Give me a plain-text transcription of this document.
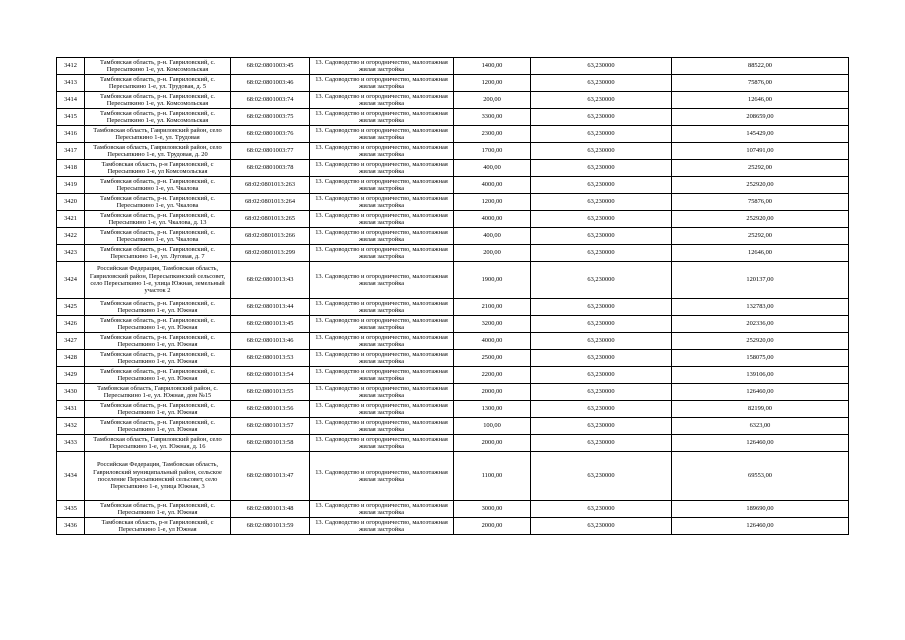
3412	Тамбовская область, р-н. Гавриловский, с. Пересыпкино 1-е, ул. Комсомольская	68:02:0801003:45	13. Садоводство и огородничество, малоэтажная жилая застройка	1400,00	63,230000	88522,00
3413	Тамбовская область, р-н. Гавриловский, с. Пересыпкино 1-е, ул. Трудовая, д. 5	68:02:0801003:46	13. Садоводство и огородничество, малоэтажная жилая застройка	1200,00	63,230000	75876,00
3414	Тамбовская область, р-н. Гавриловский, с. Пересыпкино 1-е, ул. Комсомольская	68:02:0801003:74	13. Садоводство и огородничество, малоэтажная жилая застройка	200,00	63,230000	12646,00
3415	Тамбовская область, р-н. Гавриловский, с. Пересыпкино 1-е, ул. Комсомольская	68:02:0801003:75	13. Садоводство и огородничество, малоэтажная жилая застройка	3300,00	63,230000	208659,00
3416	Тамбовская область, Гавриловский район, село Пересыпкино 1-е, ул. Трудовая	68:02:0801003:76	13. Садоводство и огородничество, малоэтажная жилая застройка	2300,00	63,230000	145429,00
3417	Тамбовская область, Гавриловский район, село Пересыпкино 1-е, ул. Трудовая, д. 20	68:02:0801003:77	13. Садоводство и огородничество, малоэтажная жилая застройка	1700,00	63,230000	107491,00
3418	Тамбовская область, р-н Гавриловский, с Пересыпкино 1-е, ул Комсомольская	68:02:0801003:78	13. Садоводство и огородничество, малоэтажная жилая застройка	400,00	63,230000	25292,00
3419	Тамбовская область, р-н. Гавриловский, с. Пересыпкино 1-е, ул. Чкалова	68:02:0801013:263	13. Садоводство и огородничество, малоэтажная жилая застройка	4000,00	63,230000	252920,00
3420	Тамбовская область, р-н. Гавриловский, с. Пересыпкино 1-е, ул. Чкалова	68:02:0801013:264	13. Садоводство и огородничество, малоэтажная жилая застройка	1200,00	63,230000	75876,00
3421	Тамбовская область, р-н. Гавриловский, с. Пересыпкино 1-е, ул. Чкалова, д. 13	68:02:0801013:265	13. Садоводство и огородничество, малоэтажная жилая застройка	4000,00	63,230000	252920,00
3422	Тамбовская область, р-н. Гавриловский, с. Пересыпкино 1-е, ул. Чкалова	68:02:0801013:266	13. Садоводство и огородничество, малоэтажная жилая застройка	400,00	63,230000	25292,00
3423	Тамбовская область, р-н. Гавриловский, с. Пересыпкино 1-е, ул. Луговая, д. 7	68:02:0801013:299	13. Садоводство и огородничество, малоэтажная жилая застройка	200,00	63,230000	12646,00
3424	Российская Федерация, Тамбовская область, Гавриловский район, Пересыпкинский сельсовет, село Пересыпкино 1-е, улица Южная, земельный участок 2	68:02:0801013:43	13. Садоводство и огородничество, малоэтажная жилая застройка	1900,00	63,230000	120137,00
3425	Тамбовская область, р-н. Гавриловский, с. Пересыпкино 1-е, ул. Южная	68:02:0801013:44	13. Садоводство и огородничество, малоэтажная жилая застройка	2100,00	63,230000	132783,00
3426	Тамбовская область, р-н. Гавриловский, с. Пересыпкино 1-е, ул. Южная	68:02:0801013:45	13. Садоводство и огородничество, малоэтажная жилая застройка	3200,00	63,230000	202336,00
3427	Тамбовская область, р-н. Гавриловский, с. Пересыпкино 1-е, ул. Южная	68:02:0801013:46	13. Садоводство и огородничество, малоэтажная жилая застройка	4000,00	63,230000	252920,00
3428	Тамбовская область, р-н. Гавриловский, с. Пересыпкино 1-е, ул. Южная	68:02:0801013:53	13. Садоводство и огородничество, малоэтажная жилая застройка	2500,00	63,230000	158075,00
3429	Тамбовская область, р-н. Гавриловский, с. Пересыпкино 1-е, ул. Южная	68:02:0801013:54	13. Садоводство и огородничество, малоэтажная жилая застройка	2200,00	63,230000	139106,00
3430	Тамбовская область, Гавриловский район, с. Пересыпкино 1-е, ул. Южная, дом №15	68:02:0801013:55	13. Садоводство и огородничество, малоэтажная жилая застройка	2000,00	63,230000	126460,00
3431	Тамбовская область, р-н. Гавриловский, с. Пересыпкино 1-е, ул. Южная	68:02:0801013:56	13. Садоводство и огородничество, малоэтажная жилая застройка	1300,00	63,230000	82199,00
3432	Тамбовская область, р-н. Гавриловский, с. Пересыпкино 1-е, ул. Южная	68:02:0801013:57	13. Садоводство и огородничество, малоэтажная жилая застройка	100,00	63,230000	6323,00
3433	Тамбовская область, Гавриловский район, село Пересыпкино 1-е, ул. Южная, д. 16	68:02:0801013:58	13. Садоводство и огородничество, малоэтажная жилая застройка	2000,00	63,230000	126460,00
3434	Российская Федерация, Тамбовская область, Гавриловский муниципальный район, сельское поселение Пересыпкинский сельсовет, село Пересыпкино 1-е, улица Южная, 3	68:02:0801013:47	13. Садоводство и огородничество, малоэтажная жилая застройка	1100,00	63,230000	69553,00
3435	Тамбовская область, р-н. Гавриловский, с. Пересыпкино 1-е, ул. Южная	68:02:0801013:48	13. Садоводство и огородничество, малоэтажная жилая застройка	3000,00	63,230000	189690,00
3436	Тамбовская область, р-н Гавриловский, с Пересыпкино 1-е, ул Южная	68:02:0801013:59	13. Садоводство и огородничество, малоэтажная жилая застройка	2000,00	63,230000	126460,00
